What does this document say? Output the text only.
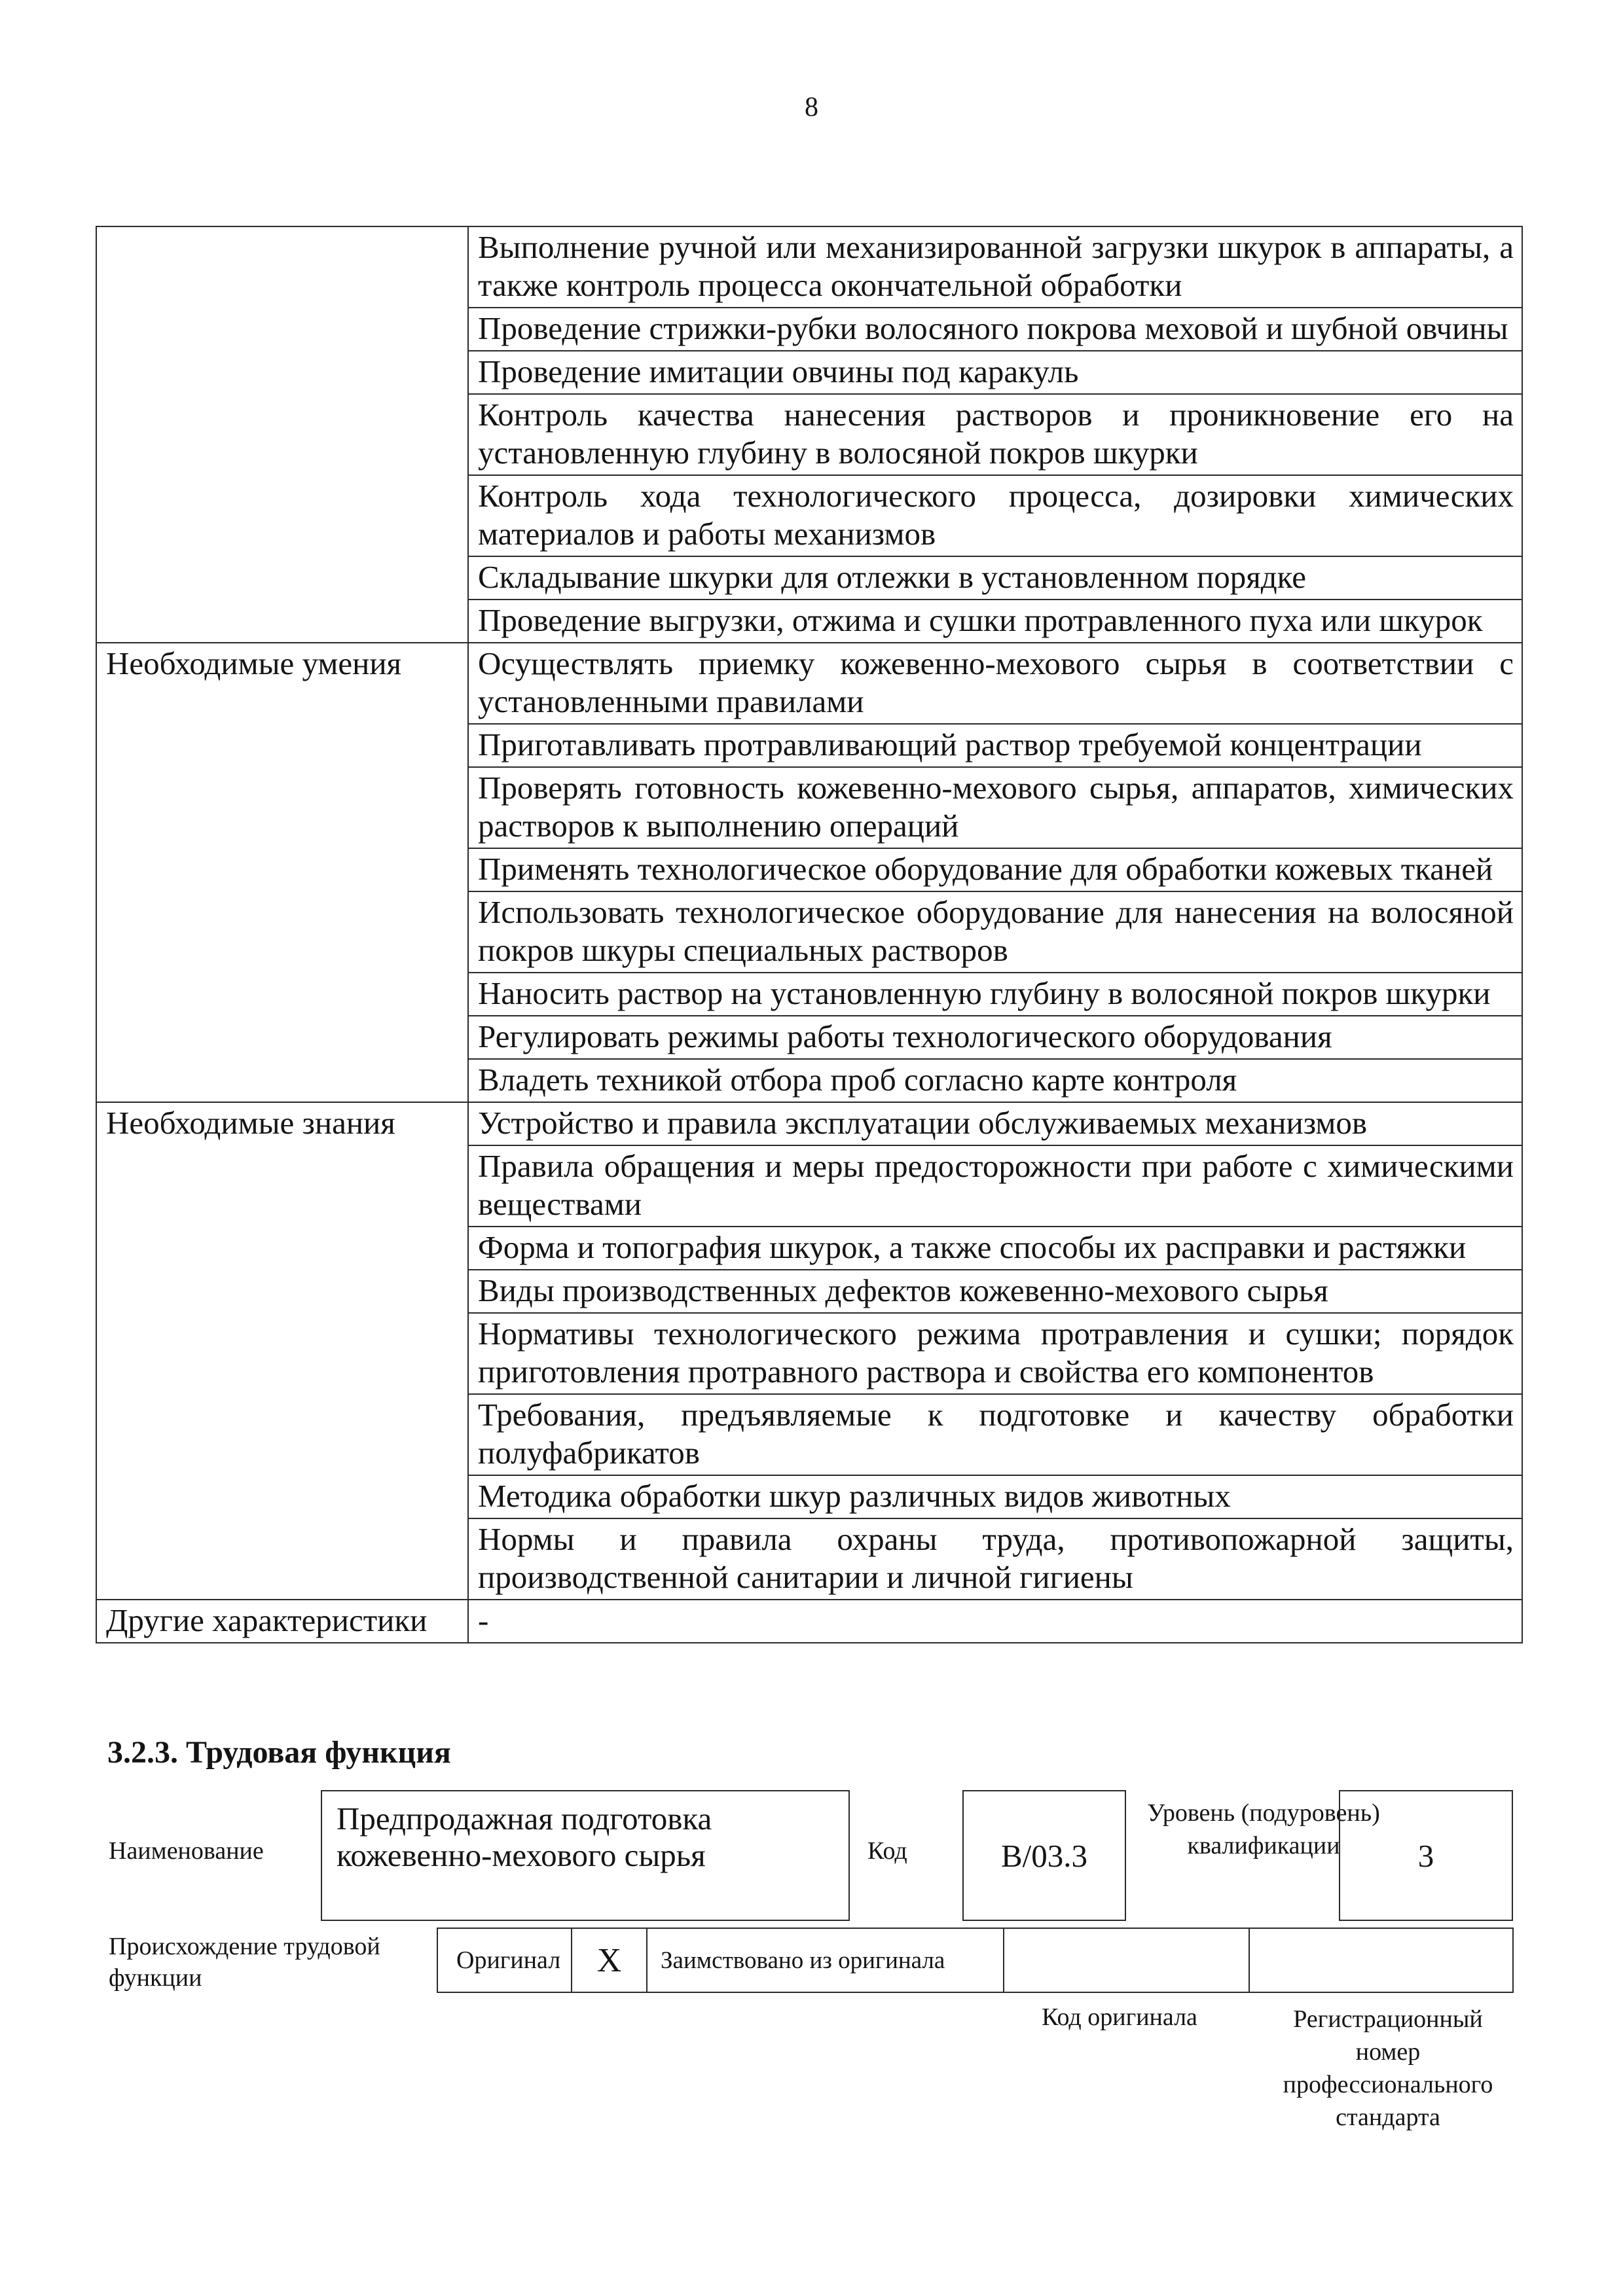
8
	Выполнение ручной или механизированной загрузки шкурок в аппараты, а также контроль процесса окончательной обработки
	Проведение стрижки-рубки волосяного покрова меховой и шубной овчины
	Проведение имитации овчины под каракуль
	Контроль качества нанесения растворов и проникновение его на установленную глубину в волосяной покров шкурки
	Контроль хода технологического процесса, дозировки химических материалов и работы механизмов
	Складывание шкурки для отлежки в установленном порядке
	Проведение выгрузки, отжима и сушки протравленного пуха или шкурок
Необходимые умения	Осуществлять приемку кожевенно-мехового сырья в соответствии с установленными правилами
	Приготавливать протравливающий раствор требуемой концентрации
	Проверять готовность кожевенно-мехового сырья, аппаратов, химических растворов к выполнению операций
	Применять технологическое оборудование для обработки кожевых тканей
	Использовать технологическое оборудование для нанесения на волосяной покров шкуры специальных растворов
	Наносить раствор на установленную глубину в волосяной покров шкурки
	Регулировать режимы работы технологического оборудования
	Владеть техникой отбора проб согласно карте контроля
Необходимые знания	Устройство и правила эксплуатации обслуживаемых механизмов
	Правила обращения и меры предосторожности при работе с химическими веществами
	Форма и топография шкурок, а также способы их расправки и растяжки
	Виды производственных дефектов кожевенно-мехового сырья
	Нормативы технологического режима протравления и сушки; порядок приготовления протравного раствора и свойства его компонентов
	Требования, предъявляемые к подготовке и качеству обработки полуфабрикатов
	Методика обработки шкур различных видов животных
	Нормы и правила охраны труда, противопожарной защиты, производственной санитарии и личной гигиены
Другие характеристики	-
3.2.3. Трудовая функция
Наименование
Предпродажная подготовка кожевенно-мехового сырья	Код	В/03.3
Уровень (подуровень) квалификации	3
Происхождение трудовой функции
Оригинал	X	Заимствовано из оригинала
Код оригинала	Регистрационный номер профессионального стандарта
